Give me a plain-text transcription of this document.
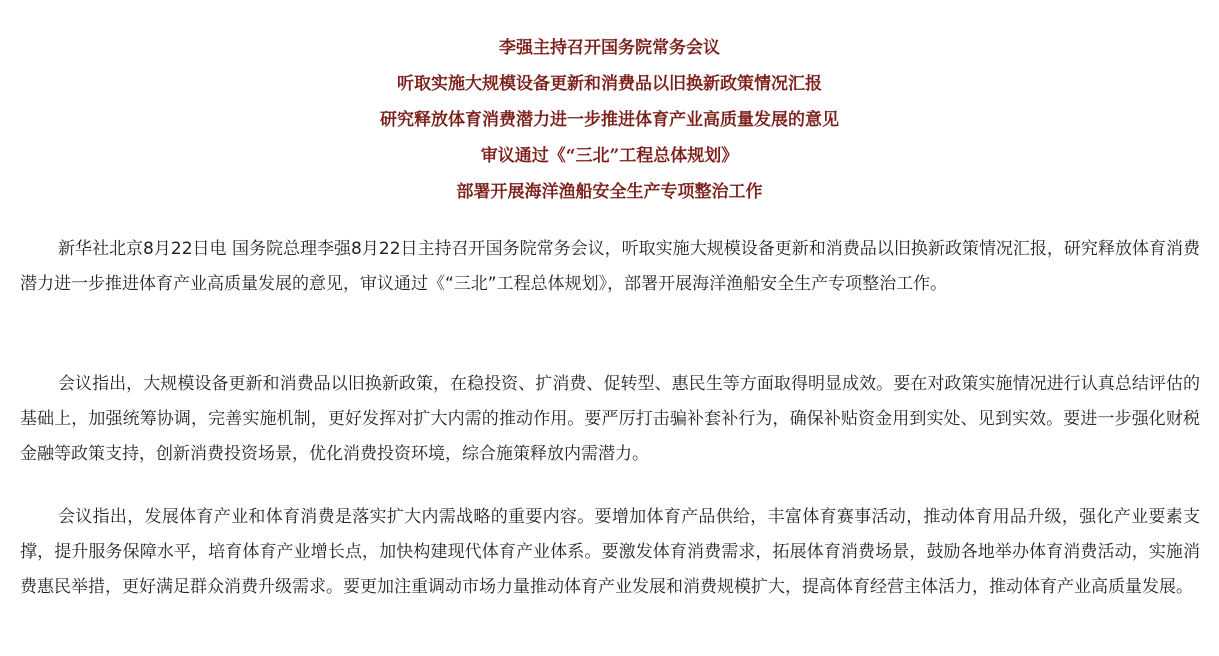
李强主持召开国务院常务会议
听取实施大规模设备更新和消费品以旧换新政策情况汇报
研究释放体育消费潜力进一步推进体育产业高质量发展的意见
审议通过《“三北”工程总体规划》
部署开展海洋渔船安全生产专项整治工作

新华社北京8月22日电 国务院总理李强8月22日主持召开国务院常务会议，听取实施大规模设备更新和消费品以旧换新政策情况汇报，研究释放体育消费潜力进一步推进体育产业高质量发展的意见，审议通过《“三北”工程总体规划》，部署开展海洋渔船安全生产专项整治工作。

会议指出，大规模设备更新和消费品以旧换新政策，在稳投资、扩消费、促转型、惠民生等方面取得明显成效。要在对政策实施情况进行认真总结评估的基础上，加强统筹协调，完善实施机制，更好发挥对扩大内需的推动作用。要严厉打击骗补套补行为，确保补贴资金用到实处、见到实效。要进一步强化财税金融等政策支持，创新消费投资场景，优化消费投资环境，综合施策释放内需潜力。

会议指出，发展体育产业和体育消费是落实扩大内需战略的重要内容。要增加体育产品供给，丰富体育赛事活动，推动体育用品升级，强化产业要素支撑，提升服务保障水平，培育体育产业增长点，加快构建现代体育产业体系。要激发体育消费需求，拓展体育消费场景，鼓励各地举办体育消费活动，实施消费惠民举措，更好满足群众消费升级需求。要更加注重调动市场力量推动体育产业发展和消费规模扩大，提高体育经营主体活力，推动体育产业高质量发展。
